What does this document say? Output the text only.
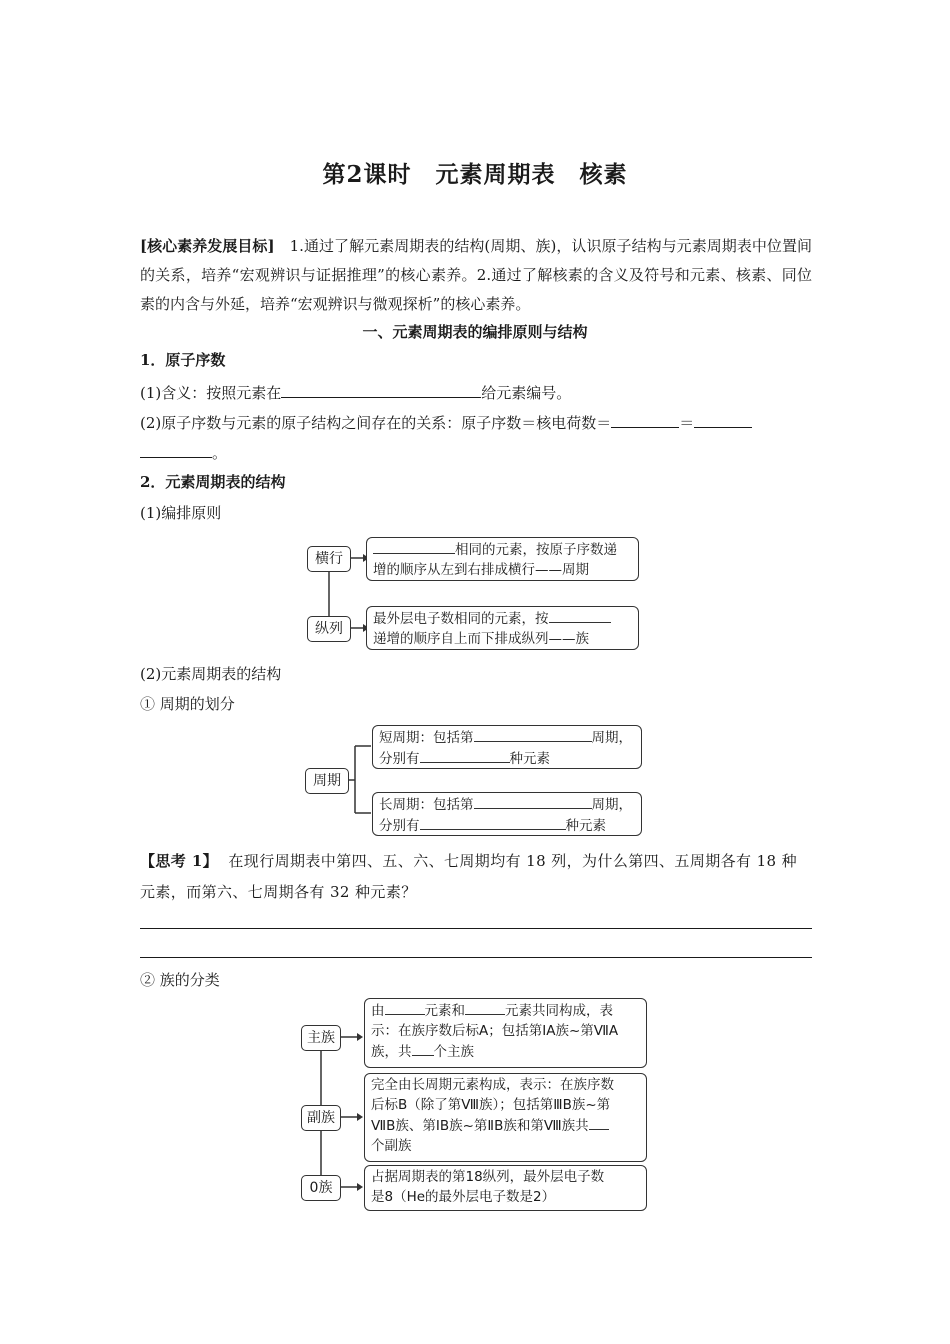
第2课时　元素周期表　核素
[核心素养发展目标]　1.通过了解元素周期表的结构(周期、族)，认识原子结构与元素周期表中位置间的关系，培养“宏观辨识与证据推理”的核心素养。2.通过了解核素的含义及符号和元素、核素、同位素的内含与外延，培养“宏观辨识与微观探析”的核心素养。
一、元素周期表的编排原则与结构
1．原子序数
(1)含义：按照元素在	给元素编号。
(2)原子序数与元素的原子结构之间存在的关系：原子序数＝核电荷数＝	＝
。
2．元素周期表的结构
(1)编排原则
横行
相同的元素，按原子序数递
增的顺序从左到右排成横行——周期
纵列
最外层电子数相同的元素，按
递增的顺序自上而下排成纵列——族
(2)元素周期表的结构
① 周期的划分
周期
短周期：包括第	周期，
分别有	种元素
长周期：包括第	周期，
分别有	种元素
【思考 1】 在现行周期表中第四、五、六、七周期均有 18 列，为什么第四、五周期各有 18 种
元素，而第六、七周期各有 32 种元素？
② 族的分类
主族
由	元素和	元素共同构成，表
示：在族序数后标A；包括第ⅠA族~第ⅦA
族，共 个主族
副族
完全由长周期元素构成，表示：在族序数
后标B（除了第Ⅷ族）；包括第ⅢB族~第
ⅦB族、第ⅠB族~第ⅡB族和第Ⅷ族共
个副族
0族
占据周期表的第18纵列，最外层电子数
是8（He的最外层电子数是2）
